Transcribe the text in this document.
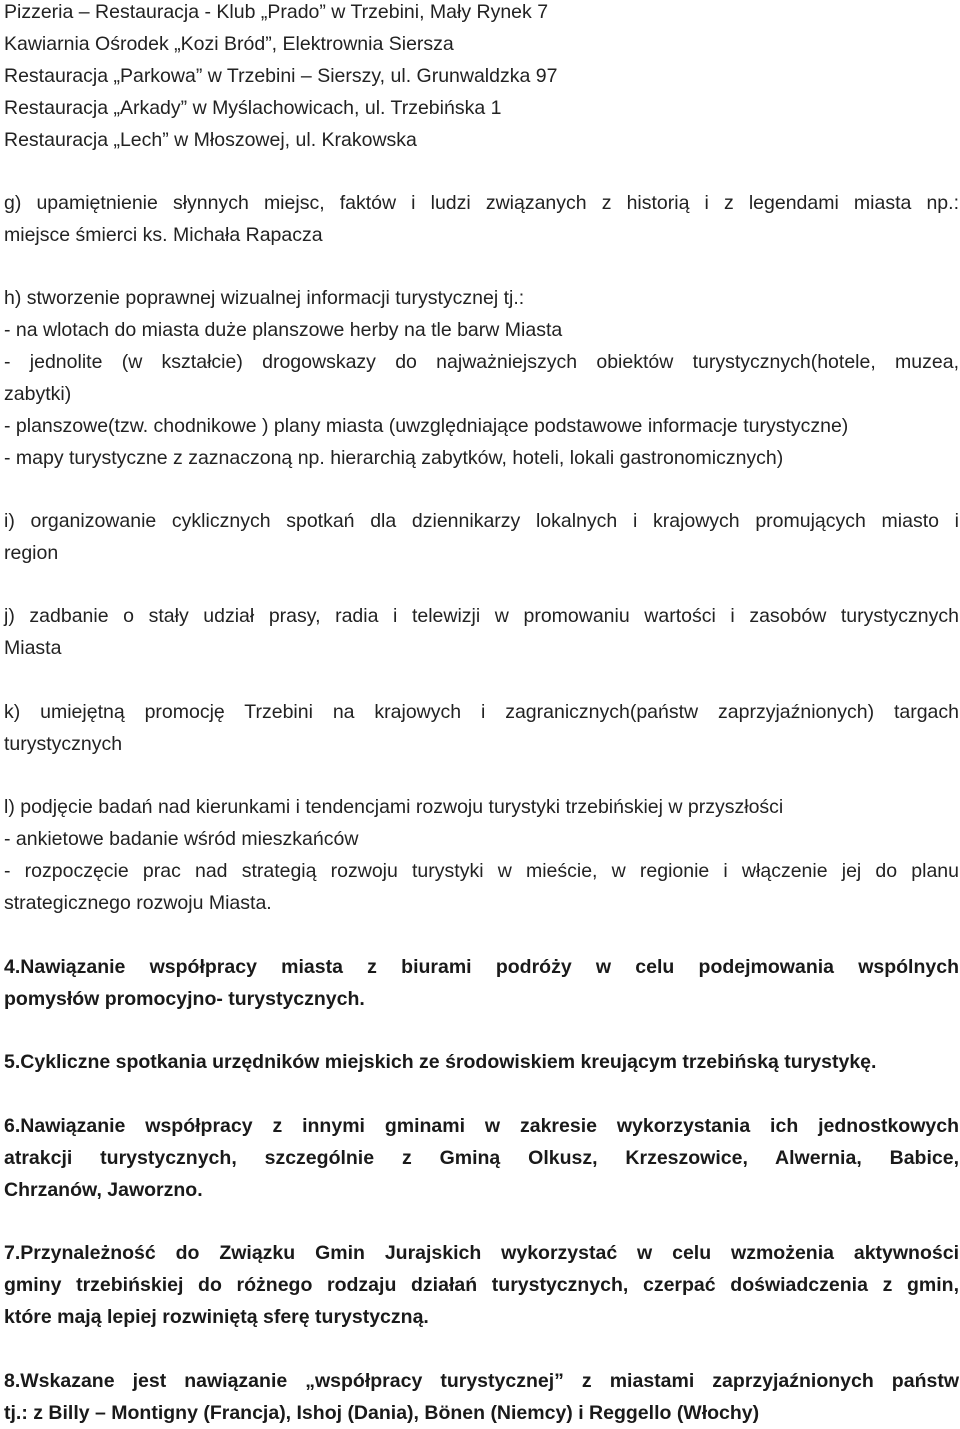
Pizzeria – Restauracja - Klub „Prado” w Trzebini, Mały Rynek 7
Kawiarnia Ośrodek „Kozi Bród”, Elektrownia Siersza
Restauracja „Parkowa” w Trzebini – Sierszy, ul. Grunwaldzka 97
Restauracja „Arkady” w Myślachowicach, ul. Trzebińska 1
Restauracja „Lech” w Młoszowej, ul. Krakowska
g) upamiętnienie słynnych miejsc, faktów i ludzi związanych z historią i z legendami miasta np.:
miejsce śmierci ks. Michała Rapacza
h) stworzenie poprawnej wizualnej informacji turystycznej tj.:
- na wlotach do miasta duże planszowe herby na tle barw Miasta
- jednolite (w kształcie) drogowskazy do najważniejszych obiektów turystycznych(hotele, muzea,
zabytki)
- planszowe(tzw. chodnikowe ) plany miasta (uwzględniające podstawowe informacje turystyczne)
- mapy turystyczne z zaznaczoną np. hierarchią zabytków, hoteli, lokali gastronomicznych)
i) organizowanie cyklicznych spotkań dla dziennikarzy lokalnych i krajowych promujących miasto i
region
j) zadbanie o stały udział prasy, radia i telewizji w promowaniu wartości i zasobów turystycznych
Miasta
k) umiejętną promocję Trzebini na krajowych i zagranicznych(państw zaprzyjaźnionych) targach
turystycznych
l) podjęcie badań nad kierunkami i tendencjami rozwoju turystyki trzebińskiej w przyszłości
- ankietowe badanie wśród mieszkańców
- rozpoczęcie prac nad strategią rozwoju turystyki w mieście, w regionie i włączenie jej do planu
strategicznego rozwoju Miasta.
4.Nawiązanie współpracy miasta z biurami podróży w celu podejmowania wspólnych
pomysłów promocyjno- turystycznych.
5.Cykliczne spotkania urzędników miejskich ze środowiskiem kreującym trzebińską turystykę.
6.Nawiązanie współpracy z innymi gminami w zakresie wykorzystania ich jednostkowych
atrakcji turystycznych, szczególnie z Gminą Olkusz, Krzeszowice, Alwernia, Babice,
Chrzanów, Jaworzno.
7.Przynależność do Związku Gmin Jurajskich wykorzystać w celu wzmożenia aktywności
gminy trzebińskiej do różnego rodzaju działań turystycznych, czerpać doświadczenia z gmin,
które mają lepiej rozwiniętą sferę turystyczną.
8.Wskazane jest nawiązanie „współpracy turystycznej” z miastami zaprzyjaźnionych państw
tj.: z Billy – Montigny (Francja), Ishoj (Dania), Bönen (Niemcy) i Reggello (Włochy)
